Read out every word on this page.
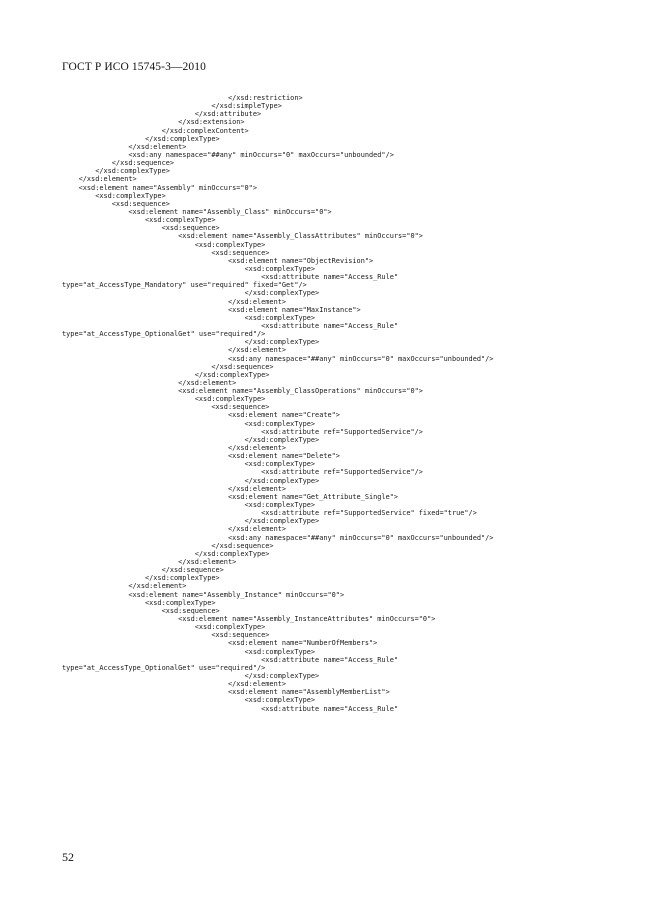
ГОСТ Р ИСО 15745-3—2010
</xsd:restriction>
</xsd:simpleType>
</xsd:attribute>
</xsd:extension>
</xsd:complexContent>
</xsd:complexType>
</xsd:element>
<xsd:any namespace="##any" minOccurs="0" maxOccurs="unbounded"/>
</xsd:sequence>
</xsd:complexType>
</xsd:element>
<xsd:element name="Assembly" minOccurs="0">
<xsd:complexType>
<xsd:sequence>
<xsd:element name="Assembly_Class" minOccurs="0">
<xsd:complexType>
<xsd:sequence>
<xsd:element name="Assembly_ClassAttributes" minOccurs="0">
<xsd:complexType>
<xsd:sequence>
<xsd:element name="ObjectRevision">
<xsd:complexType>
<xsd:attribute name="Access_Rule"
type="at_AccessType_Mandatory" use="required" fixed="Get"/>
</xsd:complexType>
</xsd:element>
<xsd:element name="MaxInstance">
<xsd:complexType>
<xsd:attribute name="Access_Rule"
type="at_AccessType_OptionalGet" use="required"/>
</xsd:complexType>
</xsd:element>
<xsd:any namespace="##any" minOccurs="0" maxOccurs="unbounded"/>
</xsd:sequence>
</xsd:complexType>
</xsd:element>
<xsd:element name="Assembly_ClassOperations" minOccurs="0">
<xsd:complexType>
<xsd:sequence>
<xsd:element name="Create">
<xsd:complexType>
<xsd:attribute ref="SupportedService"/>
</xsd:complexType>
</xsd:element>
<xsd:element name="Delete">
<xsd:complexType>
<xsd:attribute ref="SupportedService"/>
</xsd:complexType>
</xsd:element>
<xsd:element name="Get_Attribute_Single">
<xsd:complexType>
<xsd:attribute ref="SupportedService" fixed="true"/>
</xsd:complexType>
</xsd:element>
<xsd:any namespace="##any" minOccurs="0" maxOccurs="unbounded"/>
</xsd:sequence>
</xsd:complexType>
</xsd:element>
</xsd:sequence>
</xsd:complexType>
</xsd:element>
<xsd:element name="Assembly_Instance" minOccurs="0">
<xsd:complexType>
<xsd:sequence>
<xsd:element name="Assembly_InstanceAttributes" minOccurs="0">
<xsd:complexType>
<xsd:sequence>
<xsd:element name="NumberOfMembers">
<xsd:complexType>
<xsd:attribute name="Access_Rule"
type="at_AccessType_OptionalGet" use="required"/>
</xsd:complexType>
</xsd:element>
<xsd:element name="AssemblyMemberList">
<xsd:complexType>
<xsd:attribute name="Access_Rule"
52
